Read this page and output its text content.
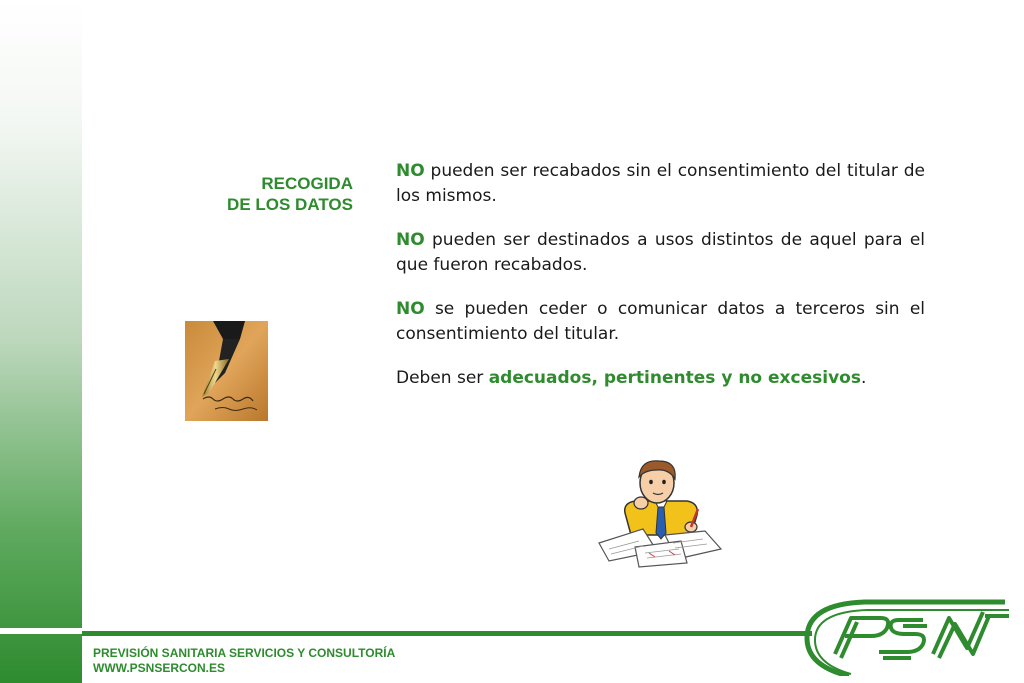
RECOGIDA
DE LOS DATOS

NO pueden ser recabados sin el consentimiento del titular de los mismos.

NO pueden ser destinados a usos distintos de aquel para el que fueron recabados.

NO se pueden ceder o comunicar datos a terceros sin el consentimiento del titular.

Deben ser adecuados, pertinentes y no excesivos.

PREVISIÓN SANITARIA SERVICIOS Y CONSULTORÍA
WWW.PSNSERCON.ES
